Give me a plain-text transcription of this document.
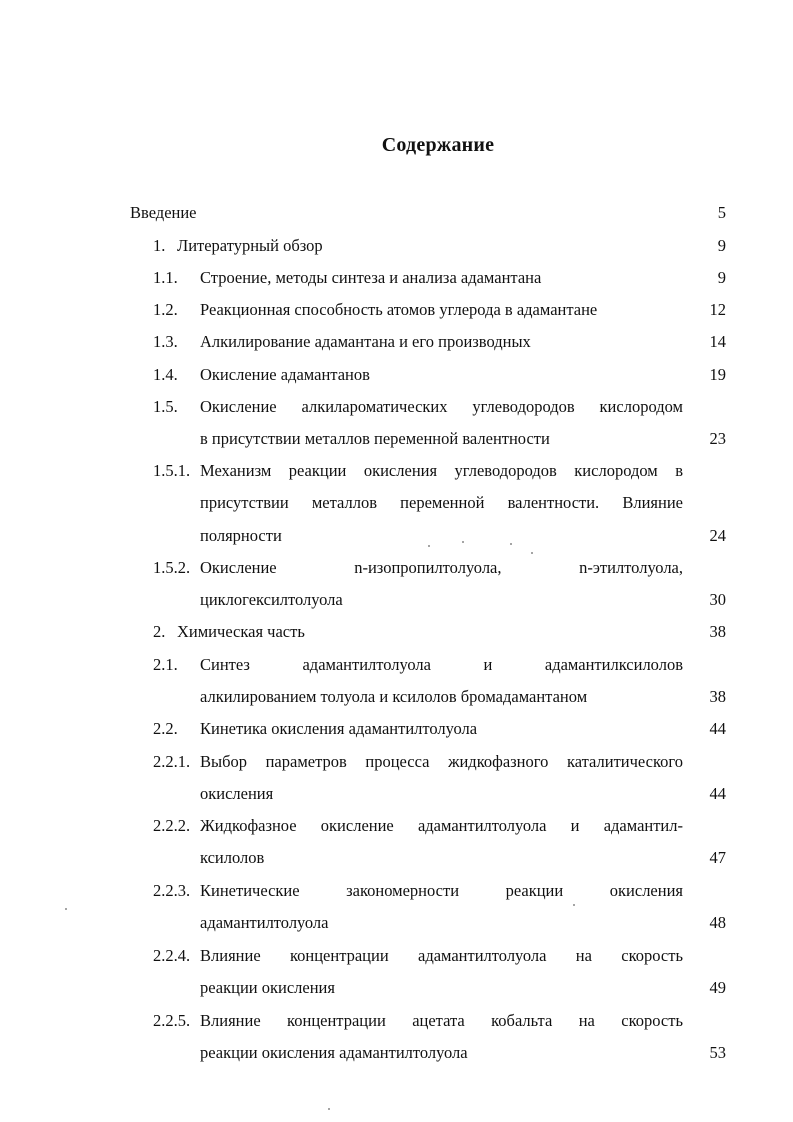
Содержание
Введение	5
1. Литературный обзор	9
1.1. Строение, методы синтеза и анализа адамантана	9
1.2. Реакционная способность атомов углерода в адамантане	12
1.3. Алкилирование адамантана и его производных	14
1.4. Окисление адамантанов	19
1.5. Окисление алкилароматических углеводородов кислородом
в присутствии металлов переменной валентности	23
1.5.1. Механизм реакции окисления углеводородов кислородом в
присутствии металлов переменной валентности. Влияние
полярности	24
1.5.2. Окисление n-изопропилтолуола, n-этилтолуола,
циклогексилтолуола	30
2. Химическая часть	38
2.1. Синтез адамантилтолуола и адамантилксилолов
алкилированием толуола и ксилолов бромадамантаном	38
2.2. Кинетика окисления адамантилтолуола	44
2.2.1. Выбор параметров процесса жидкофазного каталитического
окисления	44
2.2.2. Жидкофазное окисление адамантилтолуола и адамантил-
ксилолов	47
2.2.3. Кинетические закономерности реакции окисления
адамантилтолуола	48
2.2.4. Влияние концентрации адамантилтолуола на скорость
реакции окисления	49
2.2.5. Влияние концентрации ацетата кобальта на скорость
реакции окисления адамантилтолуола	53
